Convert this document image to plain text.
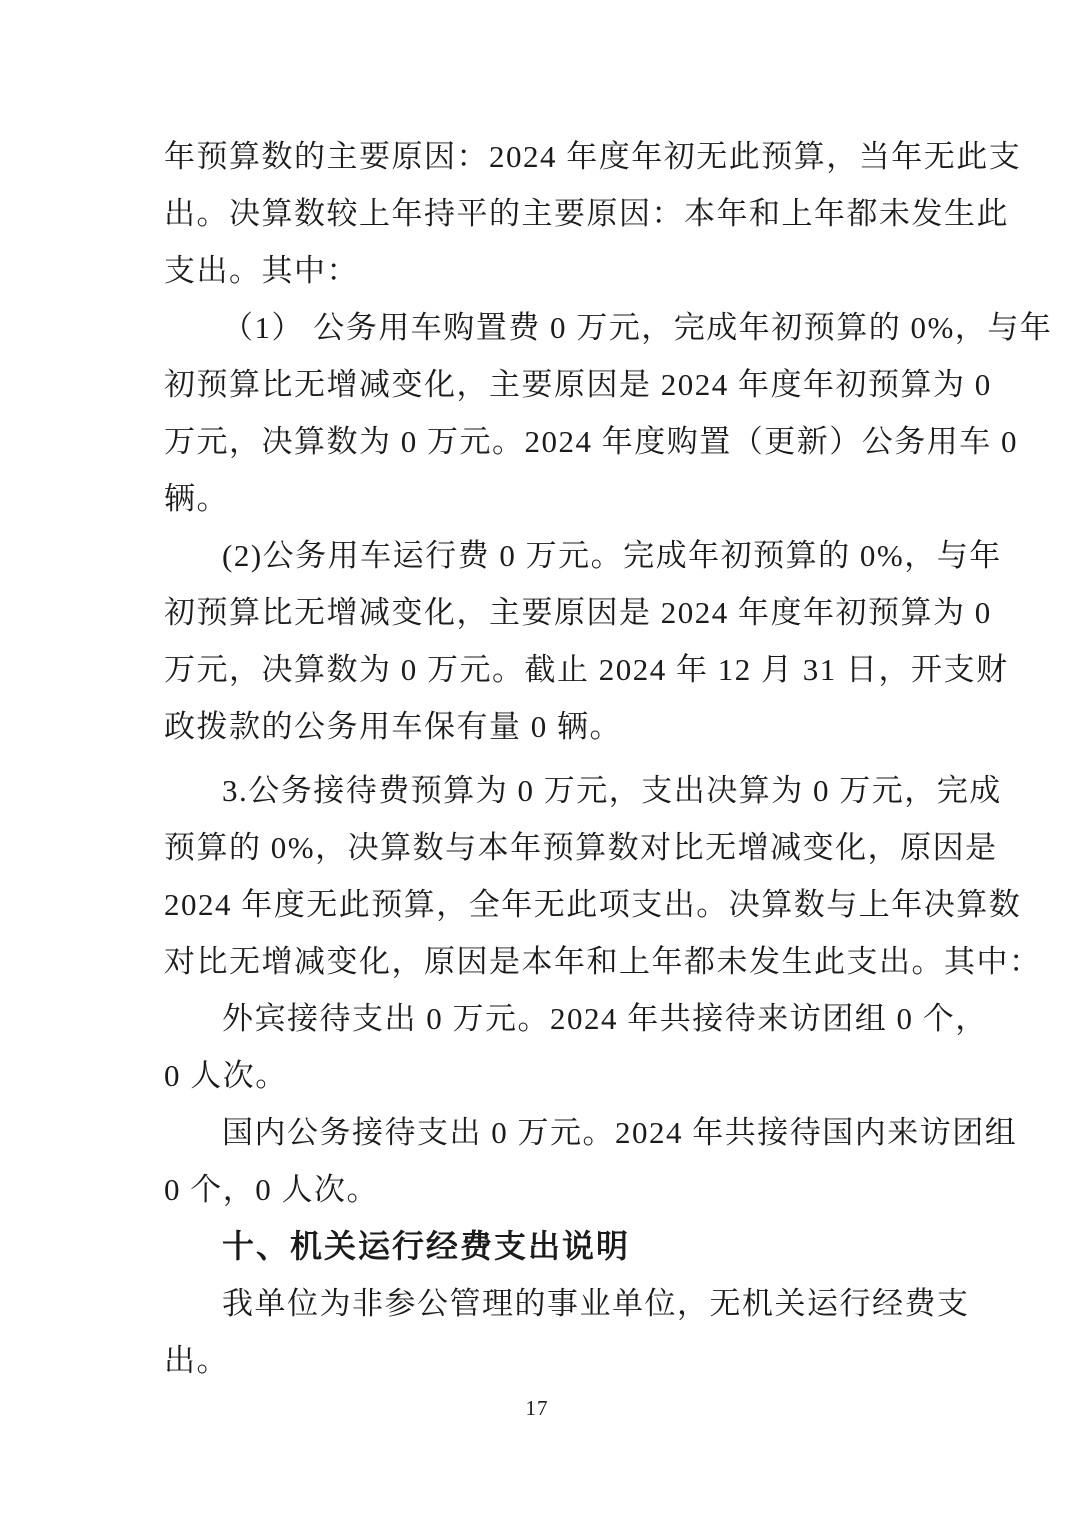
年预算数的主要原因：2024 年度年初无此预算，当年无此支
出。决算数较上年持平的主要原因：本年和上年都未发生此
支出。其中：
（1） 公务用车购置费 0 万元，完成年初预算的 0%，与年
初预算比无增减变化，主要原因是 2024 年度年初预算为 0
万元，决算数为 0 万元。2024 年度购置（更新）公务用车 0
辆。
(2)公务用车运行费 0 万元。完成年初预算的 0%，与年
初预算比无增减变化，主要原因是 2024 年度年初预算为 0
万元，决算数为 0 万元。截止 2024 年 12 月 31 日，开支财
政拨款的公务用车保有量 0 辆。
3.公务接待费预算为 0 万元，支出决算为 0 万元，完成
预算的 0%，决算数与本年预算数对比无增减变化，原因是
2024 年度无此预算，全年无此项支出。决算数与上年决算数
对比无增减变化，原因是本年和上年都未发生此支出。其中：
外宾接待支出 0 万元。2024 年共接待来访团组 0 个，
0 人次。
国内公务接待支出 0 万元。2024 年共接待国内来访团组
0 个，0 人次。
十、机关运行经费支出说明
我单位为非参公管理的事业单位，无机关运行经费支
出。
17
